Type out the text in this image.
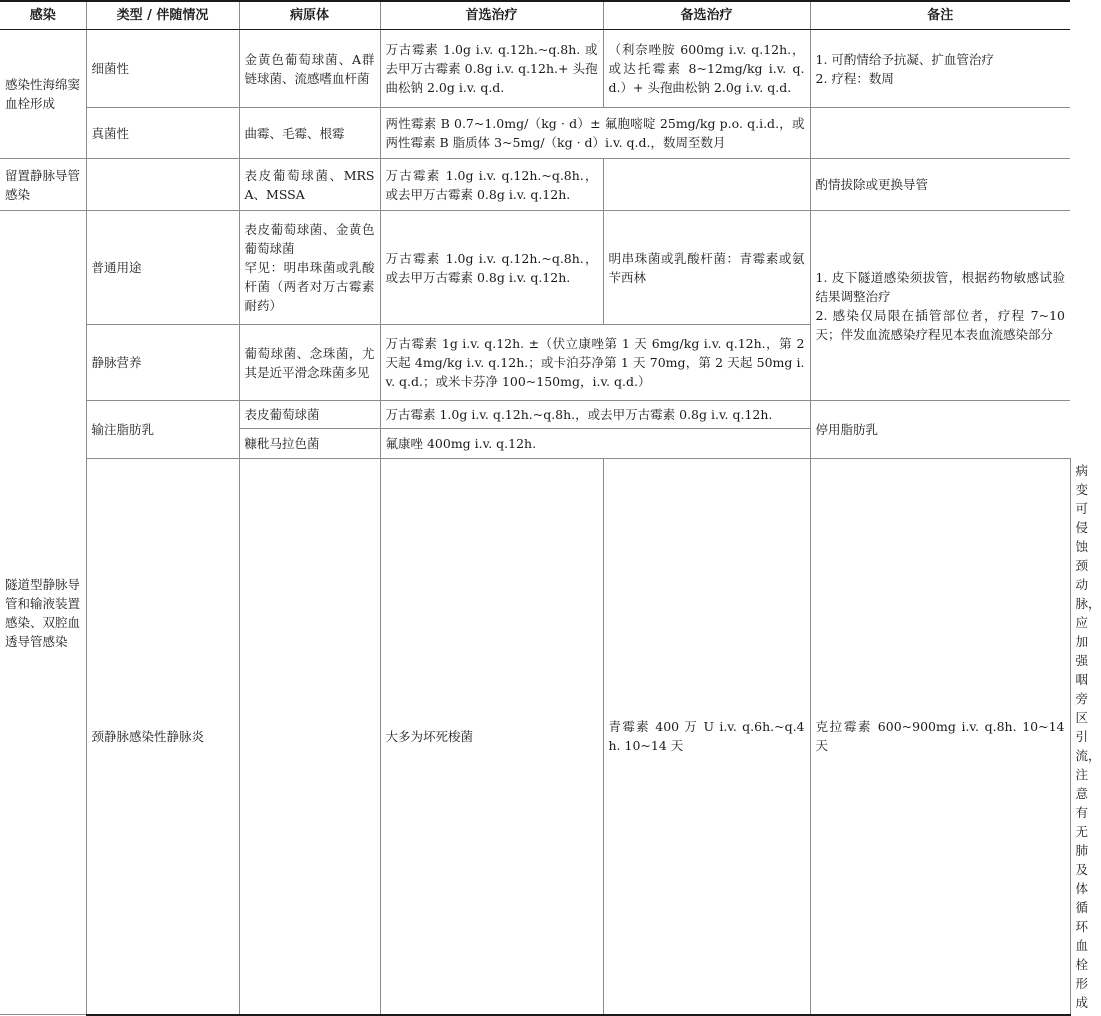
感染	类型 / 伴随情况	病原体	首选治疗	备选治疗	备注	
感染性海绵窦血栓形成	细菌性	金黄色葡萄球菌、A群链球菌、流感嗜血杆菌	万古霉素 1.0g i.v. q.12h.~q.8h. 或去甲万古霉素 0.8g i.v. q.12h.+ 头孢曲松钠 2.0g i.v. q.d.	（利奈唑胺 600mg i.v. q.12h.，或达托霉素 8~12mg/kg i.v. q.d.）+ 头孢曲松钠 2.0g i.v. q.d.	1. 可酌情给予抗凝、扩血管治疗
2. 疗程：数周	
	真菌性	曲霉、毛霉、根霉	两性霉素 B 0.7~1.0mg/（kg · d）± 氟胞嘧啶 25mg/kg p.o. q.i.d.，或两性霉素 B 脂质体 3~5mg/（kg · d）i.v. q.d.，数周至数月			
留置静脉导管感染		表皮葡萄球菌、MRSA、MSSA	万古霉素 1.0g i.v. q.12h.~q.8h.，或去甲万古霉素 0.8g i.v. q.12h.		酌情拔除或更换导管	
隧道型静脉导管和输液装置感染、双腔血透导管感染	普通用途	表皮葡萄球菌、金黄色葡萄球菌
罕见：明串珠菌或乳酸杆菌（两者对万古霉素耐药）	万古霉素 1.0g i.v. q.12h.~q.8h.，或去甲万古霉素 0.8g i.v. q.12h.	明串珠菌或乳酸杆菌：青霉素或氨苄西林	1. 皮下隧道感染须拔管，根据药物敏感试验结果调整治疗
2. 感染仅局限在插管部位者，疗程 7~10 天；伴发血流感染疗程见本表血流感染部分	
	静脉营养	葡萄球菌、念珠菌，尤其是近平滑念珠菌多见	万古霉素 1g i.v. q.12h. ±（伏立康唑第 1 天 6mg/kg i.v. q.12h.，第 2 天起 4mg/kg i.v. q.12h.；或卡泊芬净第 1 天 70mg，第 2 天起 50mg i.v. q.d.；或米卡芬净 100~150mg，i.v. q.d.）			
	输注脂肪乳	表皮葡萄球菌	万古霉素 1.0g i.v. q.12h.~q.8h.，或去甲万古霉素 0.8g i.v. q.12h.		停用脂肪乳	
		糠秕马拉色菌	氟康唑 400mg i.v. q.12h.			
	颈静脉感染性静脉炎		大多为坏死梭菌	青霉素 400 万 U i.v. q.6h.~q.4h. 10~14 天	克拉霉素 600~900mg i.v. q.8h. 10~14 天	病变可侵蚀颈动脉，应加强咽旁区引流，注意有无肺及体循环血栓形成
